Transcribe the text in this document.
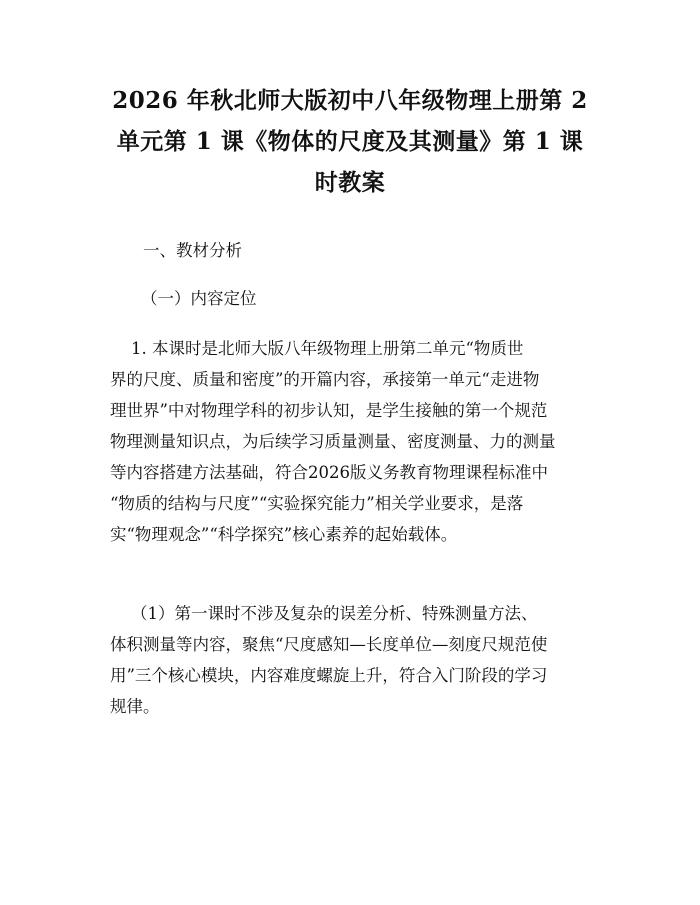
2026 年秋北师大版初中八年级物理上册第 2
单元第 1 课《物体的尺度及其测量》第 1 课
时教案

一、教材分析

（一）内容定位

1. 本课时是北师大版八年级物理上册第二单元“物质世
界的尺度、质量和密度”的开篇内容，承接第一单元“走进物
理世界”中对物理学科的初步认知，是学生接触的第一个规范
物理测量知识点，为后续学习质量测量、密度测量、力的测量
等内容搭建方法基础，符合2026版义务教育物理课程标准中
“物质的结构与尺度”“实验探究能力”相关学业要求，是落
实“物理观念”“科学探究”核心素养的起始载体。

（1）第一课时不涉及复杂的误差分析、特殊测量方法、
体积测量等内容，聚焦“尺度感知—长度单位—刻度尺规范使
用”三个核心模块，内容难度螺旋上升，符合入门阶段的学习
规律。
